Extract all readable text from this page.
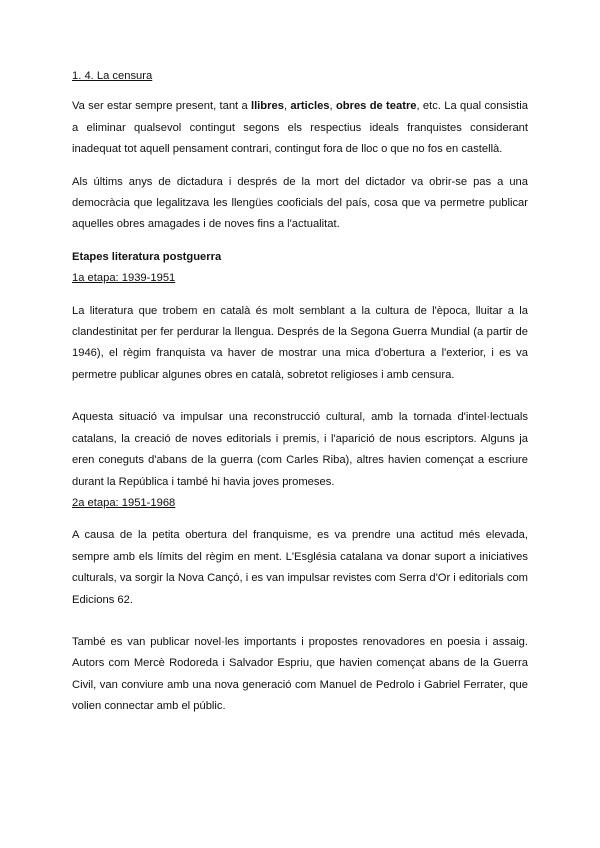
1. 4. La censura

Va ser estar sempre present, tant a llibres, articles, obres de teatre, etc. La qual consistia a eliminar qualsevol contingut segons els respectius ideals franquistes considerant inadequat tot aquell pensament contrari, contingut fora de lloc o que no fos en castellà.

Als últims anys de dictadura i després de la mort del dictador va obrir-se pas a una democràcia que legalitzava les llengües cooficials del país, cosa que va permetre publicar aquelles obres amagades i de noves fins a l'actualitat.

Etapes literatura postguerra
1a etapa: 1939-1951

La literatura que trobem en català és molt semblant a la cultura de l'època, lluitar a la clandestinitat per fer perdurar la llengua. Després de la Segona Guerra Mundial (a partir de 1946), el règim franquista va haver de mostrar una mica d'obertura a l'exterior, i es va permetre publicar algunes obres en català, sobretot religioses i amb censura.

Aquesta situació va impulsar una reconstrucció cultural, amb la tornada d'intel·lectuals catalans, la creació de noves editorials i premis, i l'aparició de nous escriptors. Alguns ja eren coneguts d'abans de la guerra (com Carles Riba), altres havien començat a escriure durant la República i també hi havia joves promeses.

2a etapa: 1951-1968

A causa de la petita obertura del franquisme, es va prendre una actitud més elevada, sempre amb els límits del règim en ment. L'Església catalana va donar suport a iniciatives culturals, va sorgir la Nova Cançó, i es van impulsar revistes com Serra d'Or i editorials com Edicions 62.

També es van publicar novel·les importants i propostes renovadores en poesia i assaig. Autors com Mercè Rodoreda i Salvador Espriu, que havien començat abans de la Guerra Civil, van conviure amb una nova generació com Manuel de Pedrolo i Gabriel Ferrater, que volien connectar amb el públic.
